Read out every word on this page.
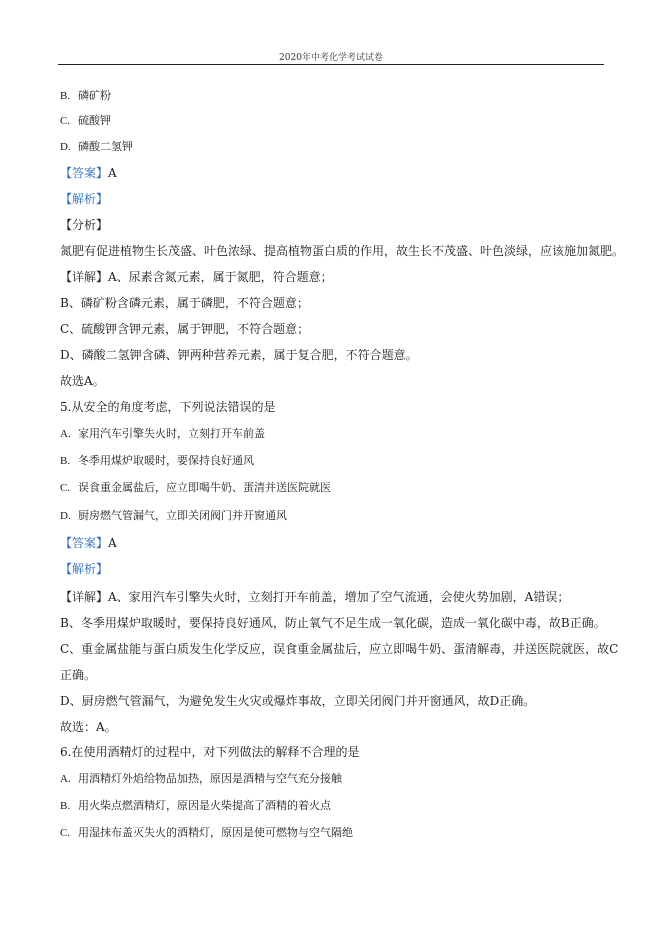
2020年中考化学考试试卷
B. 磷矿粉
C. 硫酸钾
D. 磷酸二氢钾
【答案】A
【解析】
【分析】
氮肥有促进植物生长茂盛、叶色浓绿、提高植物蛋白质的作用，故生长不茂盛、叶色淡绿，应该施加氮肥。
【详解】A、尿素含氮元素，属于氮肥，符合题意；
B、磷矿粉含磷元素，属于磷肥，不符合题意；
C、硫酸钾含钾元素，属于钾肥，不符合题意；
D、磷酸二氢钾含磷、钾两种营养元素，属于复合肥，不符合题意。
故选A。
5.从安全的角度考虑，下列说法错误的是
A. 家用汽车引擎失火时，立刻打开车前盖
B. 冬季用煤炉取暖时，要保持良好通风
C. 误食重金属盐后，应立即喝牛奶、蛋清并送医院就医
D. 厨房燃气管漏气，立即关闭阀门并开窗通风
【答案】A
【解析】
【详解】A、家用汽车引擎失火时，立刻打开车前盖，增加了空气流通，会使火势加剧，A错误；
B、冬季用煤炉取暖时，要保持良好通风，防止氧气不足生成一氧化碳，造成一氧化碳中毒，故B正确。
C、重金属盐能与蛋白质发生化学反应，误食重金属盐后，应立即喝牛奶、蛋清解毒，并送医院就医，故C
正确。
D、厨房燃气管漏气，为避免发生火灾或爆炸事故，立即关闭阀门并开窗通风，故D正确。
故选：A。
6.在使用酒精灯的过程中，对下列做法的解释不合理的是
A. 用酒精灯外焰给物品加热，原因是酒精与空气充分接触
B. 用火柴点燃酒精灯，原因是火柴提高了酒精的着火点
C. 用湿抹布盖灭失火的酒精灯，原因是使可燃物与空气隔绝
